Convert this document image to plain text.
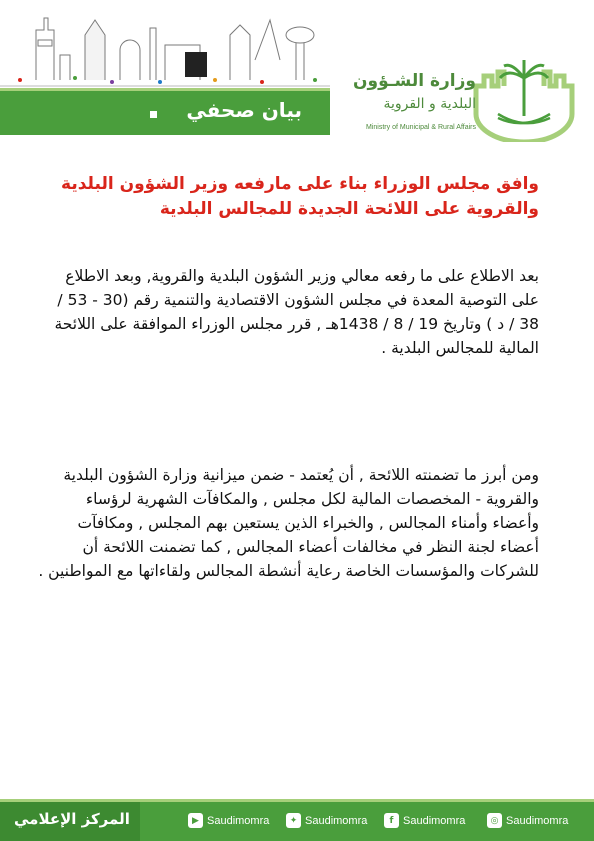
بيان صحفي
وزارة الشـؤون
البلدية و القروية
Ministry of Municipal & Rural Affairs
وافق مجلس الوزراء بناء على مارفعه وزير الشؤون البلدية والقروية على اللائحة الجديدة للمجالس البلدية
بعد الاطلاع على ما رفعه معالي وزير الشؤون البلدية والقروية, وبعد الاطلاع على التوصية المعدة في مجلس الشؤون الاقتصادية والتنمية رقم (30 - 53 / 38 / د ) وتاريخ 19 / 8 / 1438هـ , قرر مجلس الوزراء الموافقة على اللائحة المالية للمجالس البلدية .
ومن أبرز ما تضمنته اللائحة , أن يُعتمد - ضمن ميزانية وزارة الشؤون البلدية والقروية - المخصصات المالية لكل مجلس , والمكافآت الشهرية لرؤساء وأعضاء وأمناء المجالس , والخبراء الذين يستعين بهم المجلس , ومكافآت أعضاء لجنة النظر في مخالفات أعضاء المجالس , كما تضمنت اللائحة أن للشركات والمؤسسات الخاصة رعاية أنشطة المجالس ولقاءاتها مع المواطنين .
المركز الإعلامي	▶ Saudimomra	✦ Saudimomra	f Saudimomra	◎ Saudimomra
